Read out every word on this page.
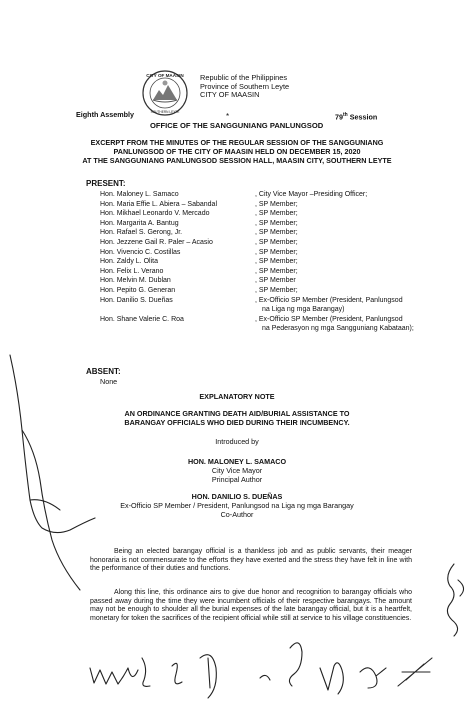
CITY OF MAASIN
SOUTHERN LEYTE
Republic of the Philippines
Province of Southern Leyte
CITY OF MAASIN
Eighth Assembly	*	79th Session
OFFICE OF THE SANGGUNIANG PANLUNGSOD
EXCERPT FROM THE MINUTES OF THE REGULAR SESSION OF THE SANGGUNIANG
PANLUNGSOD OF THE CITY OF MAASIN HELD ON DECEMBER 15, 2020
AT THE SANGGUNIANG PANLUNGSOD SESSION HALL, MAASIN CITY, SOUTHERN LEYTE
PRESENT:
Hon. Maloney L. Samaco	, City Vice Mayor –Presiding Officer;
Hon. Maria Effie L. Abiera – Sabandal	, SP Member;
Hon. Mikhael Leonardo V. Mercado	, SP Member;
Hon. Margarita A. Bantug	, SP Member;
Hon. Rafael S. Gerong, Jr.	, SP Member;
Hon. Jezzene Gail R. Paler – Acasio	, SP Member;
Hon. Vivencio C. Costillas	, SP Member;
Hon. Zaldy L. Olita	, SP Member;
Hon. Felix L. Verano	, SP Member;
Hon. Melvin M. Dublan	, SP Member
Hon. Pepito G. Generan	, SP Member;
Hon. Danilio S. Dueñas	, Ex-Officio SP Member (President, Panlungsod
na Liga ng mga Barangay)
Hon. Shane Valerie C. Roa	, Ex-Officio SP Member (President, Panlungsod
na Pederasyon ng mga Sangguniang Kabataan);
ABSENT:
None
EXPLANATORY NOTE
AN ORDINANCE GRANTING DEATH AID/BURIAL ASSISTANCE TO
BARANGAY OFFICIALS WHO DIED DURING THEIR INCUMBENCY.
Introduced by
HON. MALONEY L. SAMACO
City Vice Mayor
Principal Author
HON. DANILIO S. DUEÑAS
Ex-Officio SP Member / President, Panlungsod na Liga ng mga Barangay
Co-Author
Being an elected barangay official is a thankless job and as public servants, their meager honoraria is not commensurate to the efforts they have exerted and the stress they have felt in line with the performance of their duties and functions.
Along this line, this ordinance airs to give due honor and recognition to barangay officials who passed away during the time they were incumbent officials of their respective barangays. The amount may not be enough to shoulder all the burial expenses of the late barangay official, but it is a heartfelt, monetary for token the sacrifices of the recipient official while still at service to his village constituencies.
